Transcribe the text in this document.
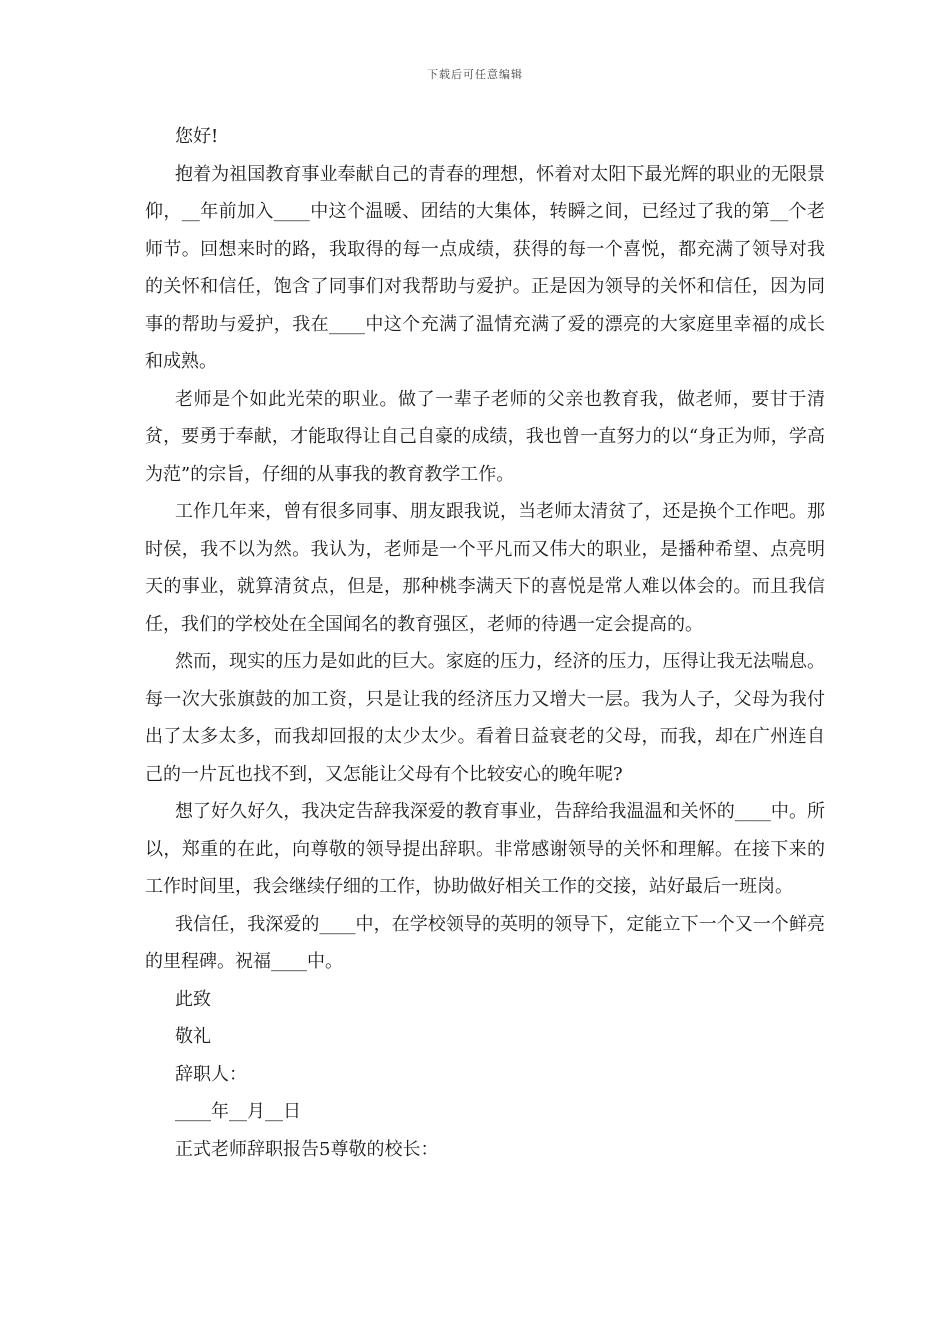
下载后可任意编辑
您好!

抱着为祖国教育事业奉献自己的青春的理想，怀着对太阳下最光辉的职业的无限景仰，__年前加入____中这个温暖、团结的大集体，转瞬之间，已经过了我的第__个老师节。回想来时的路，我取得的每一点成绩，获得的每一个喜悦，都充满了领导对我的关怀和信任，饱含了同事们对我帮助与爱护。正是因为领导的关怀和信任，因为同事的帮助与爱护，我在____中这个充满了温情充满了爱的漂亮的大家庭里幸福的成长和成熟。

老师是个如此光荣的职业。做了一辈子老师的父亲也教育我，做老师，要甘于清贫，要勇于奉献，才能取得让自己自豪的成绩，我也曾一直努力的以“身正为师，学高为范”的宗旨，仔细的从事我的教育教学工作。

工作几年来，曾有很多同事、朋友跟我说，当老师太清贫了，还是换个工作吧。那时侯，我不以为然。我认为，老师是一个平凡而又伟大的职业，是播种希望、点亮明天的事业，就算清贫点，但是，那种桃李满天下的喜悦是常人难以体会的。而且我信任，我们的学校处在全国闻名的教育强区，老师的待遇一定会提高的。

然而，现实的压力是如此的巨大。家庭的压力，经济的压力，压得让我无法喘息。每一次大张旗鼓的加工资，只是让我的经济压力又增大一层。我为人子，父母为我付出了太多太多，而我却回报的太少太少。看着日益衰老的父母，而我，却在广州连自己的一片瓦也找不到，又怎能让父母有个比较安心的晚年呢?

想了好久好久，我决定告辞我深爱的教育事业，告辞给我温温和关怀的____中。所以，郑重的在此，向尊敬的领导提出辞职。非常感谢领导的关怀和理解。在接下来的工作时间里，我会继续仔细的工作，协助做好相关工作的交接，站好最后一班岗。

我信任，我深爱的____中，在学校领导的英明的领导下，定能立下一个又一个鲜亮的里程碑。祝福____中。

此致
敬礼
辞职人：
____年__月__日
正式老师辞职报告5尊敬的校长：
